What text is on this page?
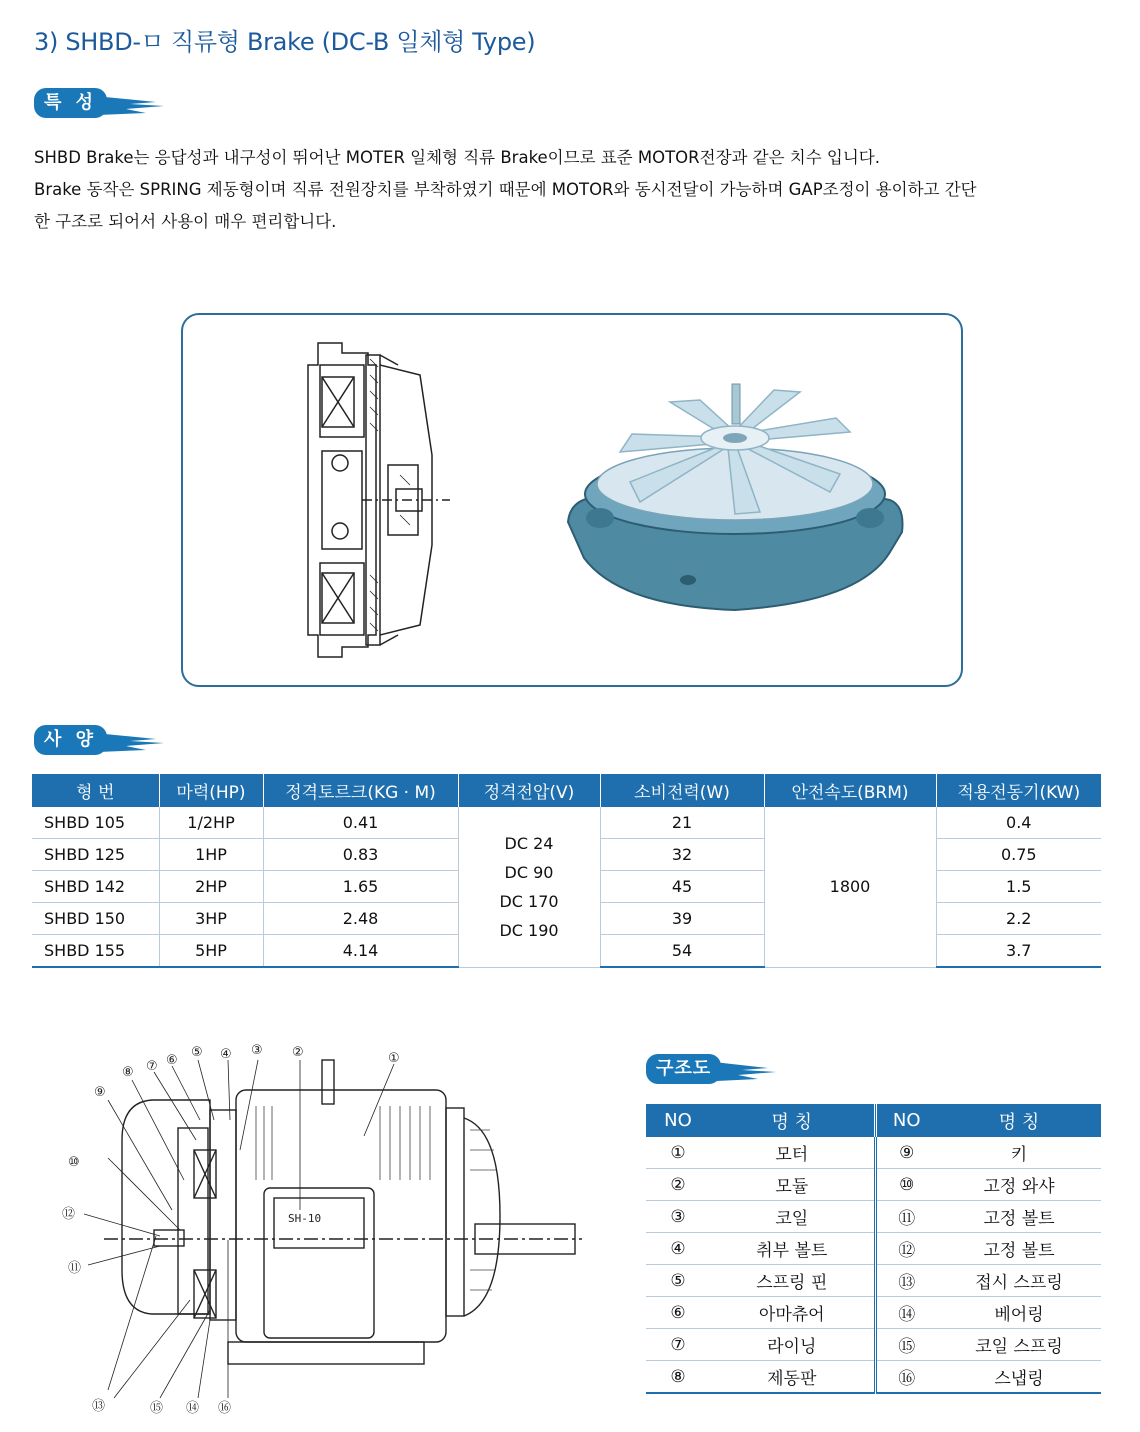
3) SHBD-ㅁ 직류형 Brake (DC-B 일체형 Type)
특 성
SHBD Brake는 응답성과 내구성이 뛰어난 MOTER 일체형 직류 Brake이므로 표준 MOTOR전장과 같은 치수 입니다.
Brake 동작은 SPRING 제동형이며 직류 전원장치를 부착하였기 때문에 MOTOR와 동시전달이 가능하며 GAP조정이 용이하고 간단
한 구조로 되어서 사용이 매우 편리합니다.
사 양
형 번	마력(HP)	정격토르크(KG · M)	정격전압(V)	소비전력(W)	안전속도(BRM)	적용전동기(KW)
SHBD 105	1/2HP	0.41	DC 24
DC 90
DC 170
DC 190	21	1800	0.4
SHBD 125	1HP	0.83		32		0.75
SHBD 142	2HP	1.65		45		1.5
SHBD 150	3HP	2.48		39		2.2
SHBD 155	5HP	4.14		54		3.7
SH-10
①
②
③
④
⑤
⑥
⑦
⑧
⑨
⑩
⑪
⑫
⑬	⑭
⑮	⑯
구조도
NO	명 칭	NO	명 칭
①	모터	⑨	키
②	모듈	⑩	고정 와샤
③	코일	⑪	고정 볼트
④	취부 볼트	⑫	고정 볼트
⑤	스프링 핀	⑬	접시 스프링
⑥	아마츄어	⑭	베어링
⑦	라이닝	⑮	코일 스프링
⑧	제동판	⑯	스냅링
